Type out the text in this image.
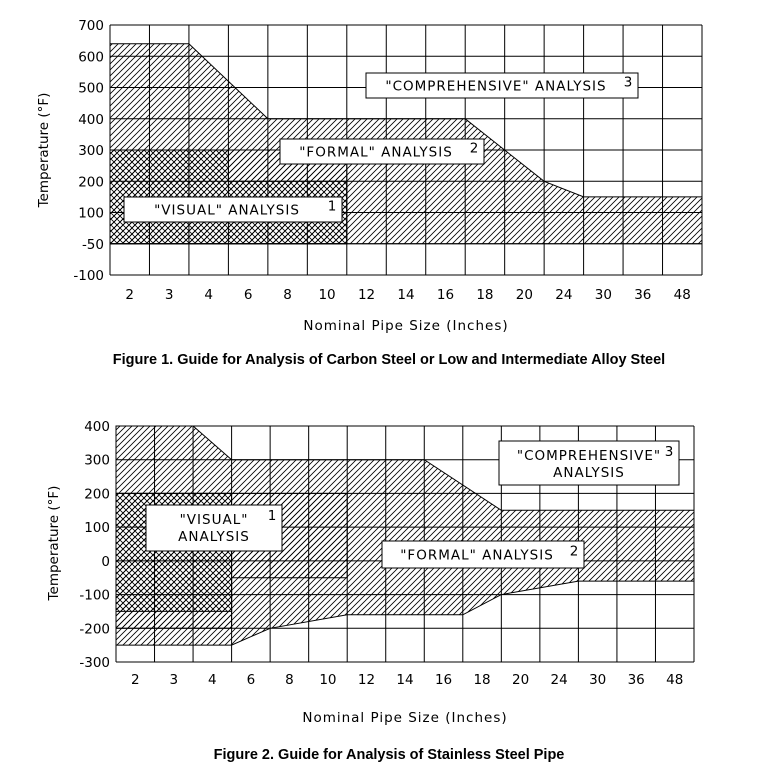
700
600
500
400
300
200
100
-50
-100
2 3 4 6 8 10 12 14 16 18 20 24 30 36 48
Nominal Pipe Size (Inches)
Temperature (°F)
"COMPREHENSIVE" ANALYSIS 3
"FORMAL" ANALYSIS 2
"VISUAL" ANALYSIS 1
Figure 1. Guide for Analysis of Carbon Steel or Low and Intermediate Alloy Steel
400
300
200
100
0
-100
-200
-300
2 3 4 6 8 10 12 14 16 18 20 24 30 36 48
Nominal Pipe Size (Inches)
Temperature (°F)
"COMPREHENSIVE"
ANALYSIS
3
"FORMAL" ANALYSIS 2
"VISUAL"
ANALYSIS
1
Figure 2. Guide for Analysis of Stainless Steel Pipe
